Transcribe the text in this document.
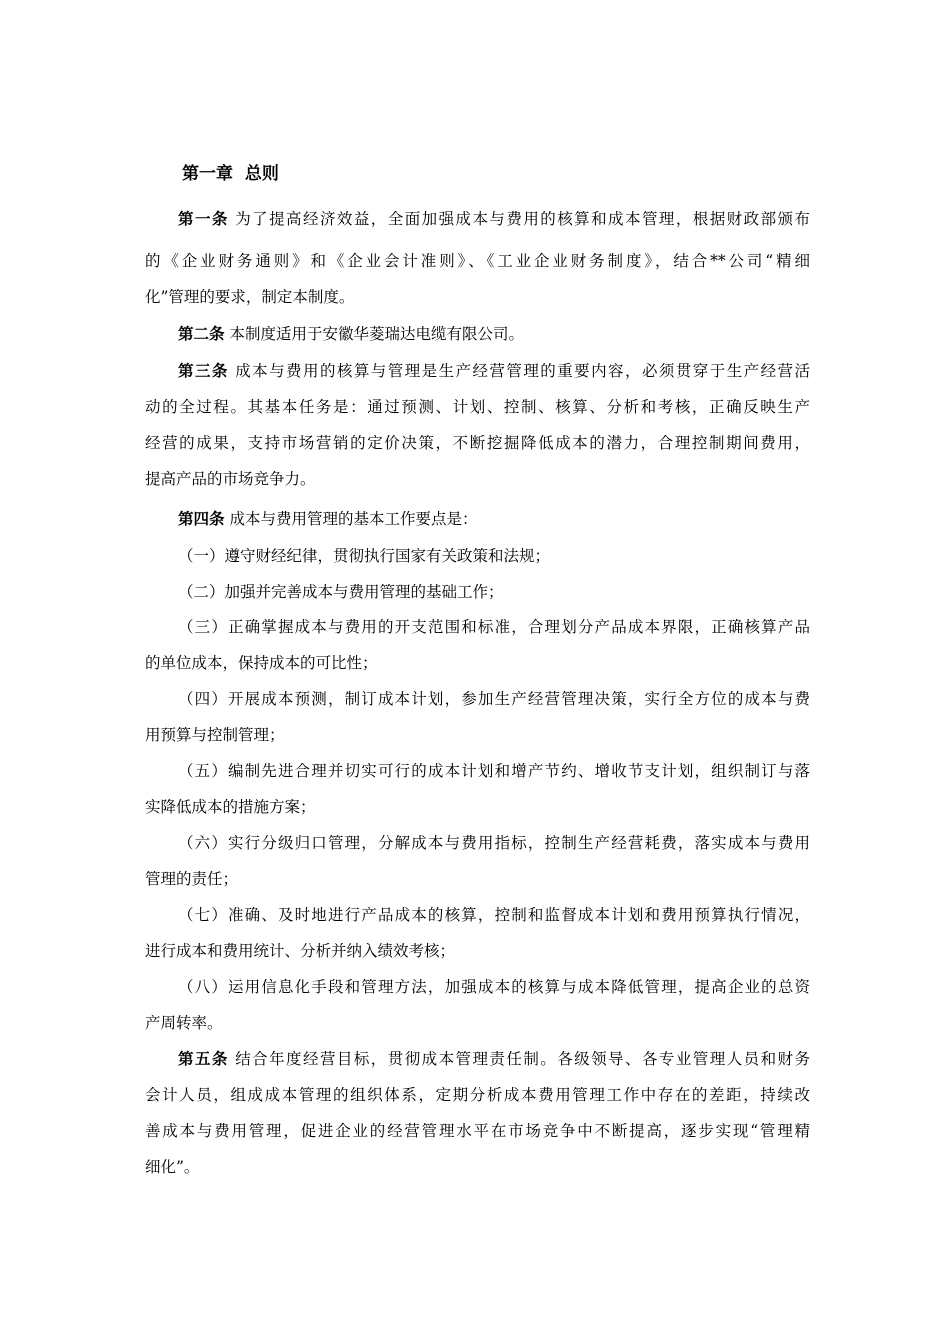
第一章  总则
第一条 为了提高经济效益，全面加强成本与费用的核算和成本管理，根据财政部颁布
的《企业财务通则》和《企业会计准则》、《工业企业财务制度》，结合**公司“精细
化”管理的要求，制定本制度。
第二条 本制度适用于安徽华菱瑞达电缆有限公司。
第三条 成本与费用的核算与管理是生产经营管理的重要内容，必须贯穿于生产经营活
动的全过程。其基本任务是：通过预测、计划、控制、核算、分析和考核，正确反映生产
经营的成果，支持市场营销的定价决策，不断挖掘降低成本的潜力，合理控制期间费用，
提高产品的市场竞争力。
第四条 成本与费用管理的基本工作要点是：
（一）遵守财经纪律，贯彻执行国家有关政策和法规；
（二）加强并完善成本与费用管理的基础工作；
（三）正确掌握成本与费用的开支范围和标准，合理划分产品成本界限，正确核算产品
的单位成本，保持成本的可比性；
（四）开展成本预测，制订成本计划，参加生产经营管理决策，实行全方位的成本与费
用预算与控制管理；
（五）编制先进合理并切实可行的成本计划和增产节约、增收节支计划，组织制订与落
实降低成本的措施方案；
（六）实行分级归口管理，分解成本与费用指标，控制生产经营耗费，落实成本与费用
管理的责任；
（七）准确、及时地进行产品成本的核算，控制和监督成本计划和费用预算执行情况，
进行成本和费用统计、分析并纳入绩效考核；
（八）运用信息化手段和管理方法，加强成本的核算与成本降低管理，提高企业的总资
产周转率。
第五条 结合年度经营目标，贯彻成本管理责任制。各级领导、各专业管理人员和财务
会计人员，组成成本管理的组织体系，定期分析成本费用管理工作中存在的差距，持续改
善成本与费用管理，促进企业的经营管理水平在市场竞争中不断提高，逐步实现“管理精
细化”。
